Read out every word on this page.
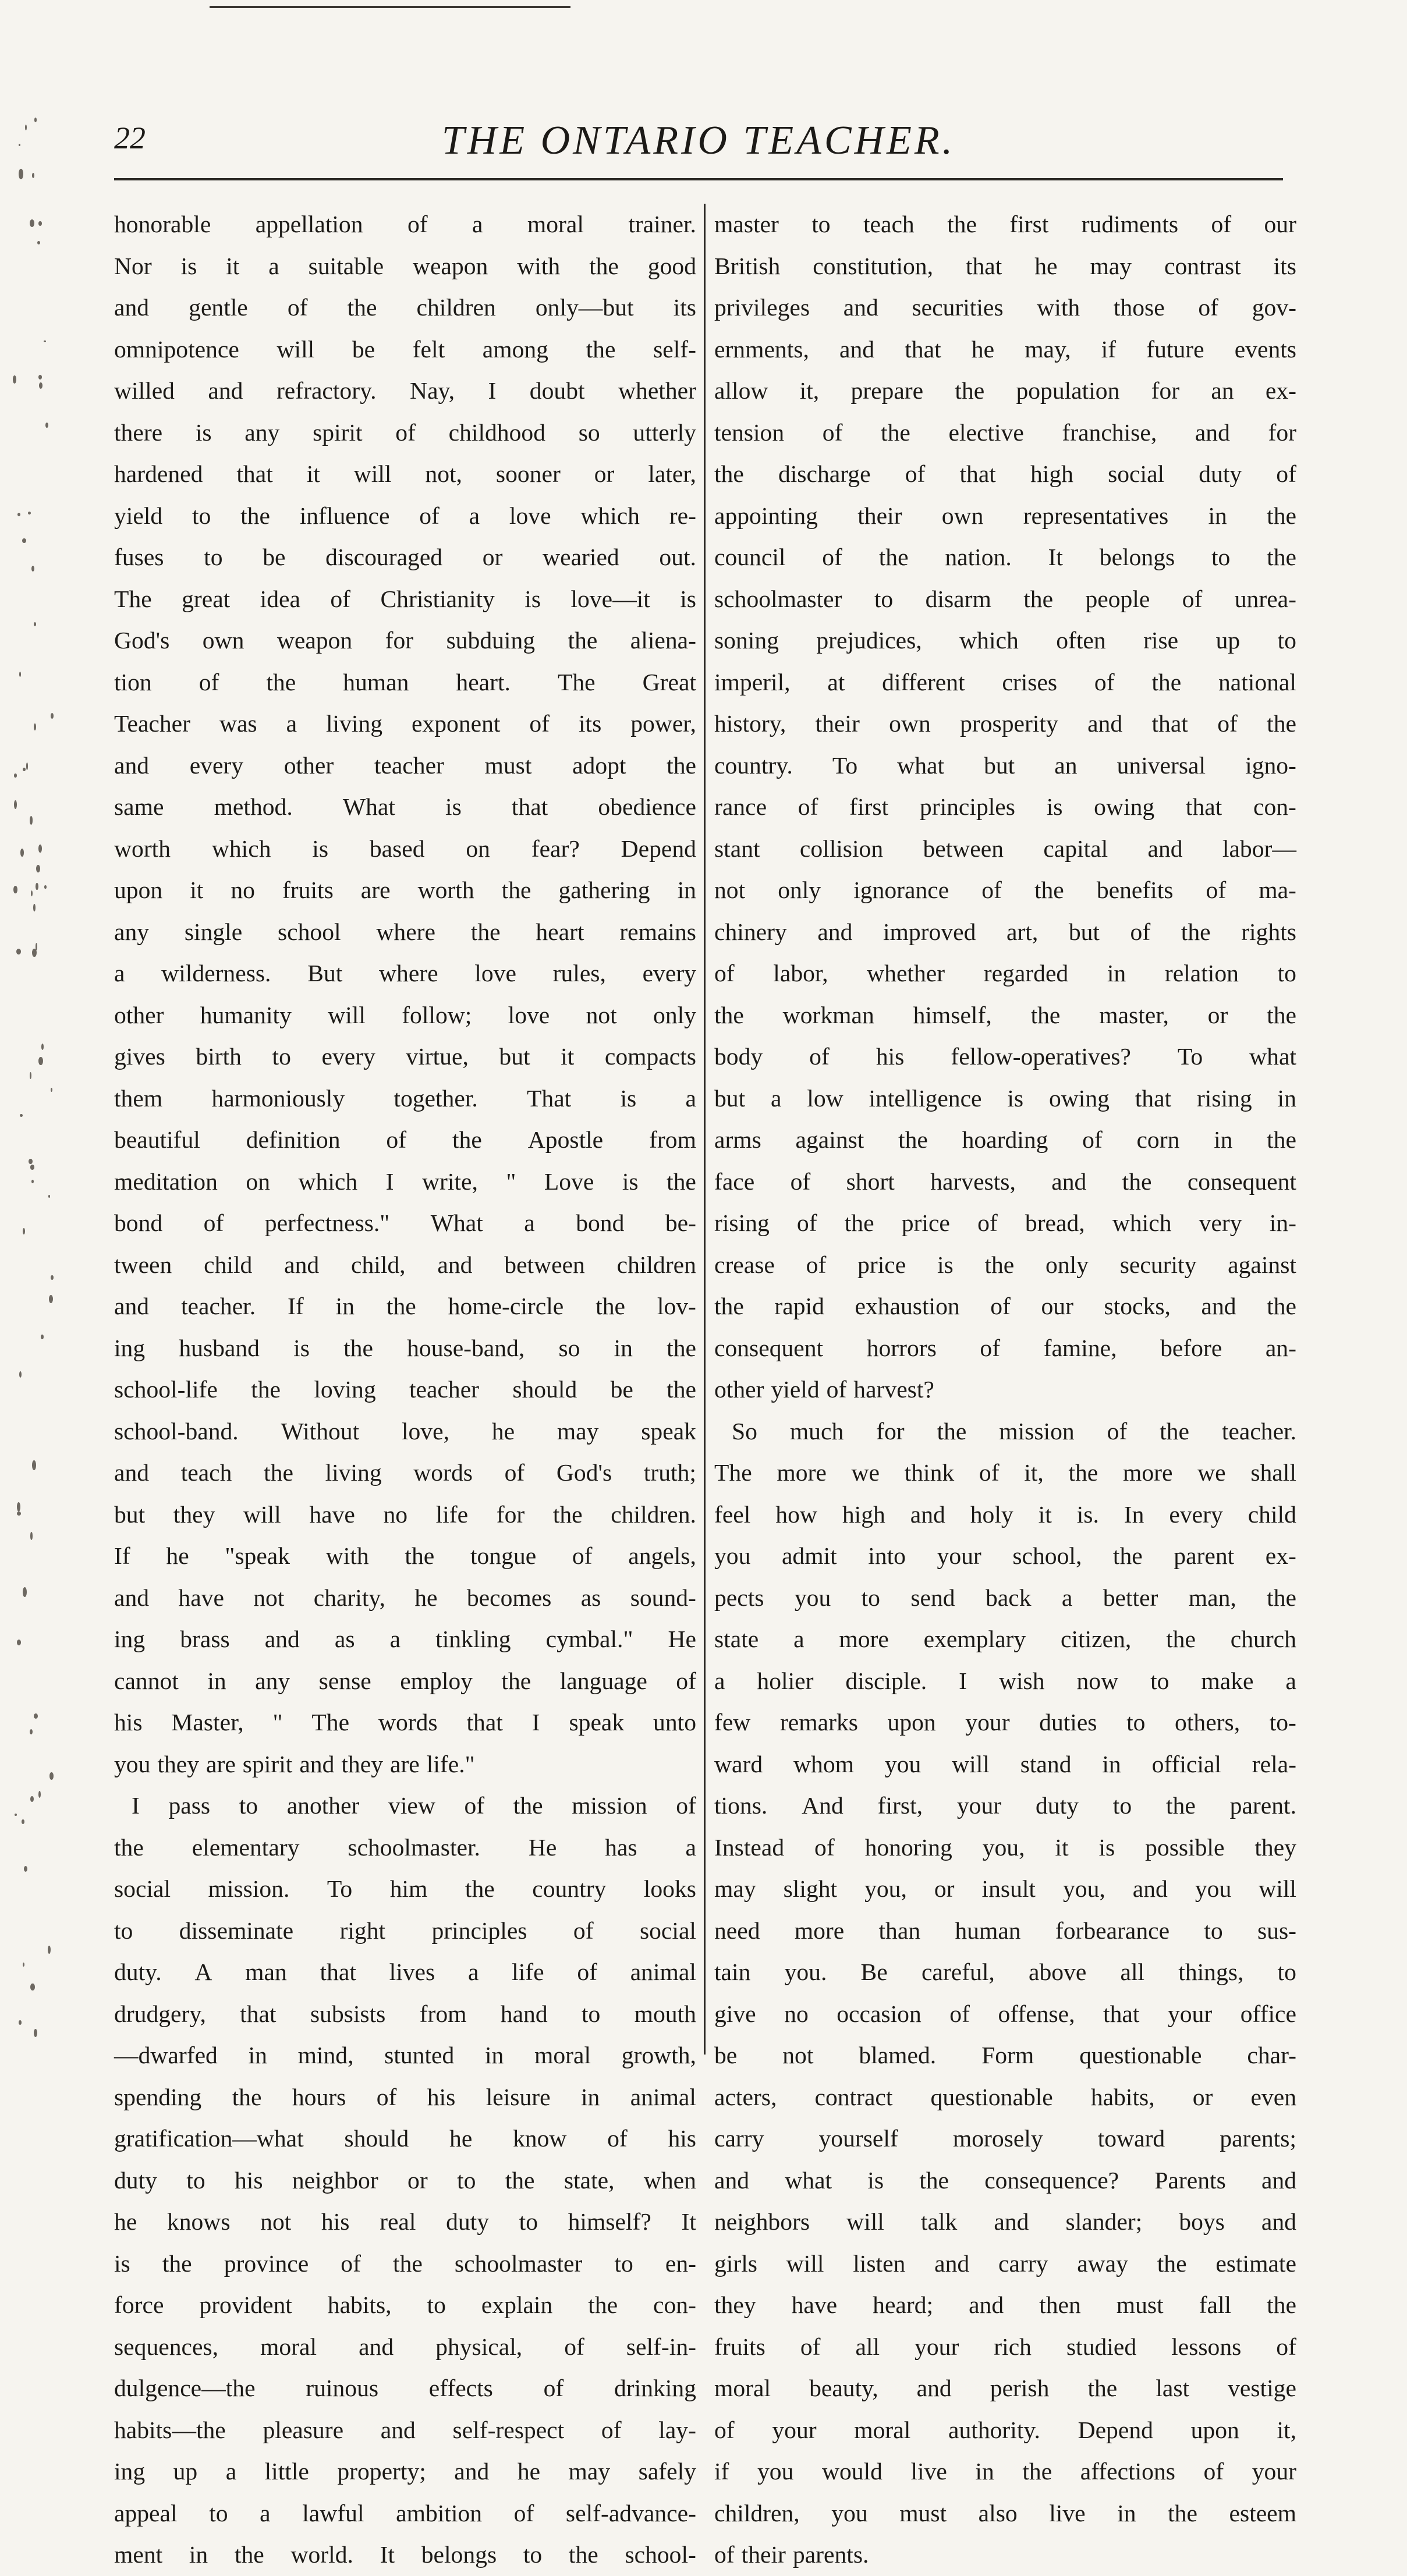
22	THE ONTARIO TEACHER.
honorable appellation of a moral trainer.
Nor is it a suitable weapon with the good
and gentle of the children only—but its
omnipotence will be felt among the self-
willed and refractory. Nay, I doubt whether
there is any spirit of childhood so utterly
hardened that it will not, sooner or later,
yield to the influence of a love which re-
fuses to be discouraged or wearied out.
The great idea of Christianity is love—it is
God's own weapon for subduing the aliena-
tion of the human heart. The Great
Teacher was a living exponent of its power,
and every other teacher must adopt the
same method. What is that obedience
worth which is based on fear? Depend
upon it no fruits are worth the gathering in
any single school where the heart remains
a wilderness. But where love rules, every
other humanity will follow; love not only
gives birth to every virtue, but it compacts
them harmoniously together. That is a
beautiful definition of the Apostle from
meditation on which I write, " Love is the
bond of perfectness." What a bond be-
tween child and child, and between children
and teacher. If in the home-circle the lov-
ing husband is the house-band, so in the
school-life the loving teacher should be the
school-band. Without love, he may speak
and teach the living words of God's truth;
but they will have no life for the children.
If he "speak with the tongue of angels,
and have not charity, he becomes as sound-
ing brass and as a tinkling cymbal." He
cannot in any sense employ the language of
his Master, " The words that I speak unto
you they are spirit and they are life."
I pass to another view of the mission of
the elementary schoolmaster. He has a
social mission. To him the country looks
to disseminate right principles of social
duty. A man that lives a life of animal
drudgery, that subsists from hand to mouth
—dwarfed in mind, stunted in moral growth,
spending the hours of his leisure in animal
gratification—what should he know of his
duty to his neighbor or to the state, when
he knows not his real duty to himself? It
is the province of the schoolmaster to en-
force provident habits, to explain the con-
sequences, moral and physical, of self-in-
dulgence—the ruinous effects of drinking
habits—the pleasure and self-respect of lay-
ing up a little property; and he may safely
appeal to a lawful ambition of self-advance-
ment in the world. It belongs to the school-
master to teach the first rudiments of our
British constitution, that he may contrast its
privileges and securities with those of gov-
ernments, and that he may, if future events
allow it, prepare the population for an ex-
tension of the elective franchise, and for
the discharge of that high social duty of
appointing their own representatives in the
council of the nation. It belongs to the
schoolmaster to disarm the people of unrea-
soning prejudices, which often rise up to
imperil, at different crises of the national
history, their own prosperity and that of the
country. To what but an universal igno-
rance of first principles is owing that con-
stant collision between capital and labor—
not only ignorance of the benefits of ma-
chinery and improved art, but of the rights
of labor, whether regarded in relation to
the workman himself, the master, or the
body of his fellow-operatives? To what
but a low intelligence is owing that rising in
arms against the hoarding of corn in the
face of short harvests, and the consequent
rising of the price of bread, which very in-
crease of price is the only security against
the rapid exhaustion of our stocks, and the
consequent horrors of famine, before an-
other yield of harvest?
So much for the mission of the teacher.
The more we think of it, the more we shall
feel how high and holy it is. In every child
you admit into your school, the parent ex-
pects you to send back a better man, the
state a more exemplary citizen, the church
a holier disciple. I wish now to make a
few remarks upon your duties to others, to-
ward whom you will stand in official rela-
tions. And first, your duty to the parent.
Instead of honoring you, it is possible they
may slight you, or insult you, and you will
need more than human forbearance to sus-
tain you. Be careful, above all things, to
give no occasion of offense, that your office
be not blamed. Form questionable char-
acters, contract questionable habits, or even
carry yourself morosely toward parents;
and what is the consequence? Parents and
neighbors will talk and slander; boys and
girls will listen and carry away the estimate
they have heard; and then must fall the
fruits of all your rich studied lessons of
moral beauty, and perish the last vestige
of your moral authority. Depend upon it,
if you would live in the affections of your
children, you must also live in the esteem
of their parents.
